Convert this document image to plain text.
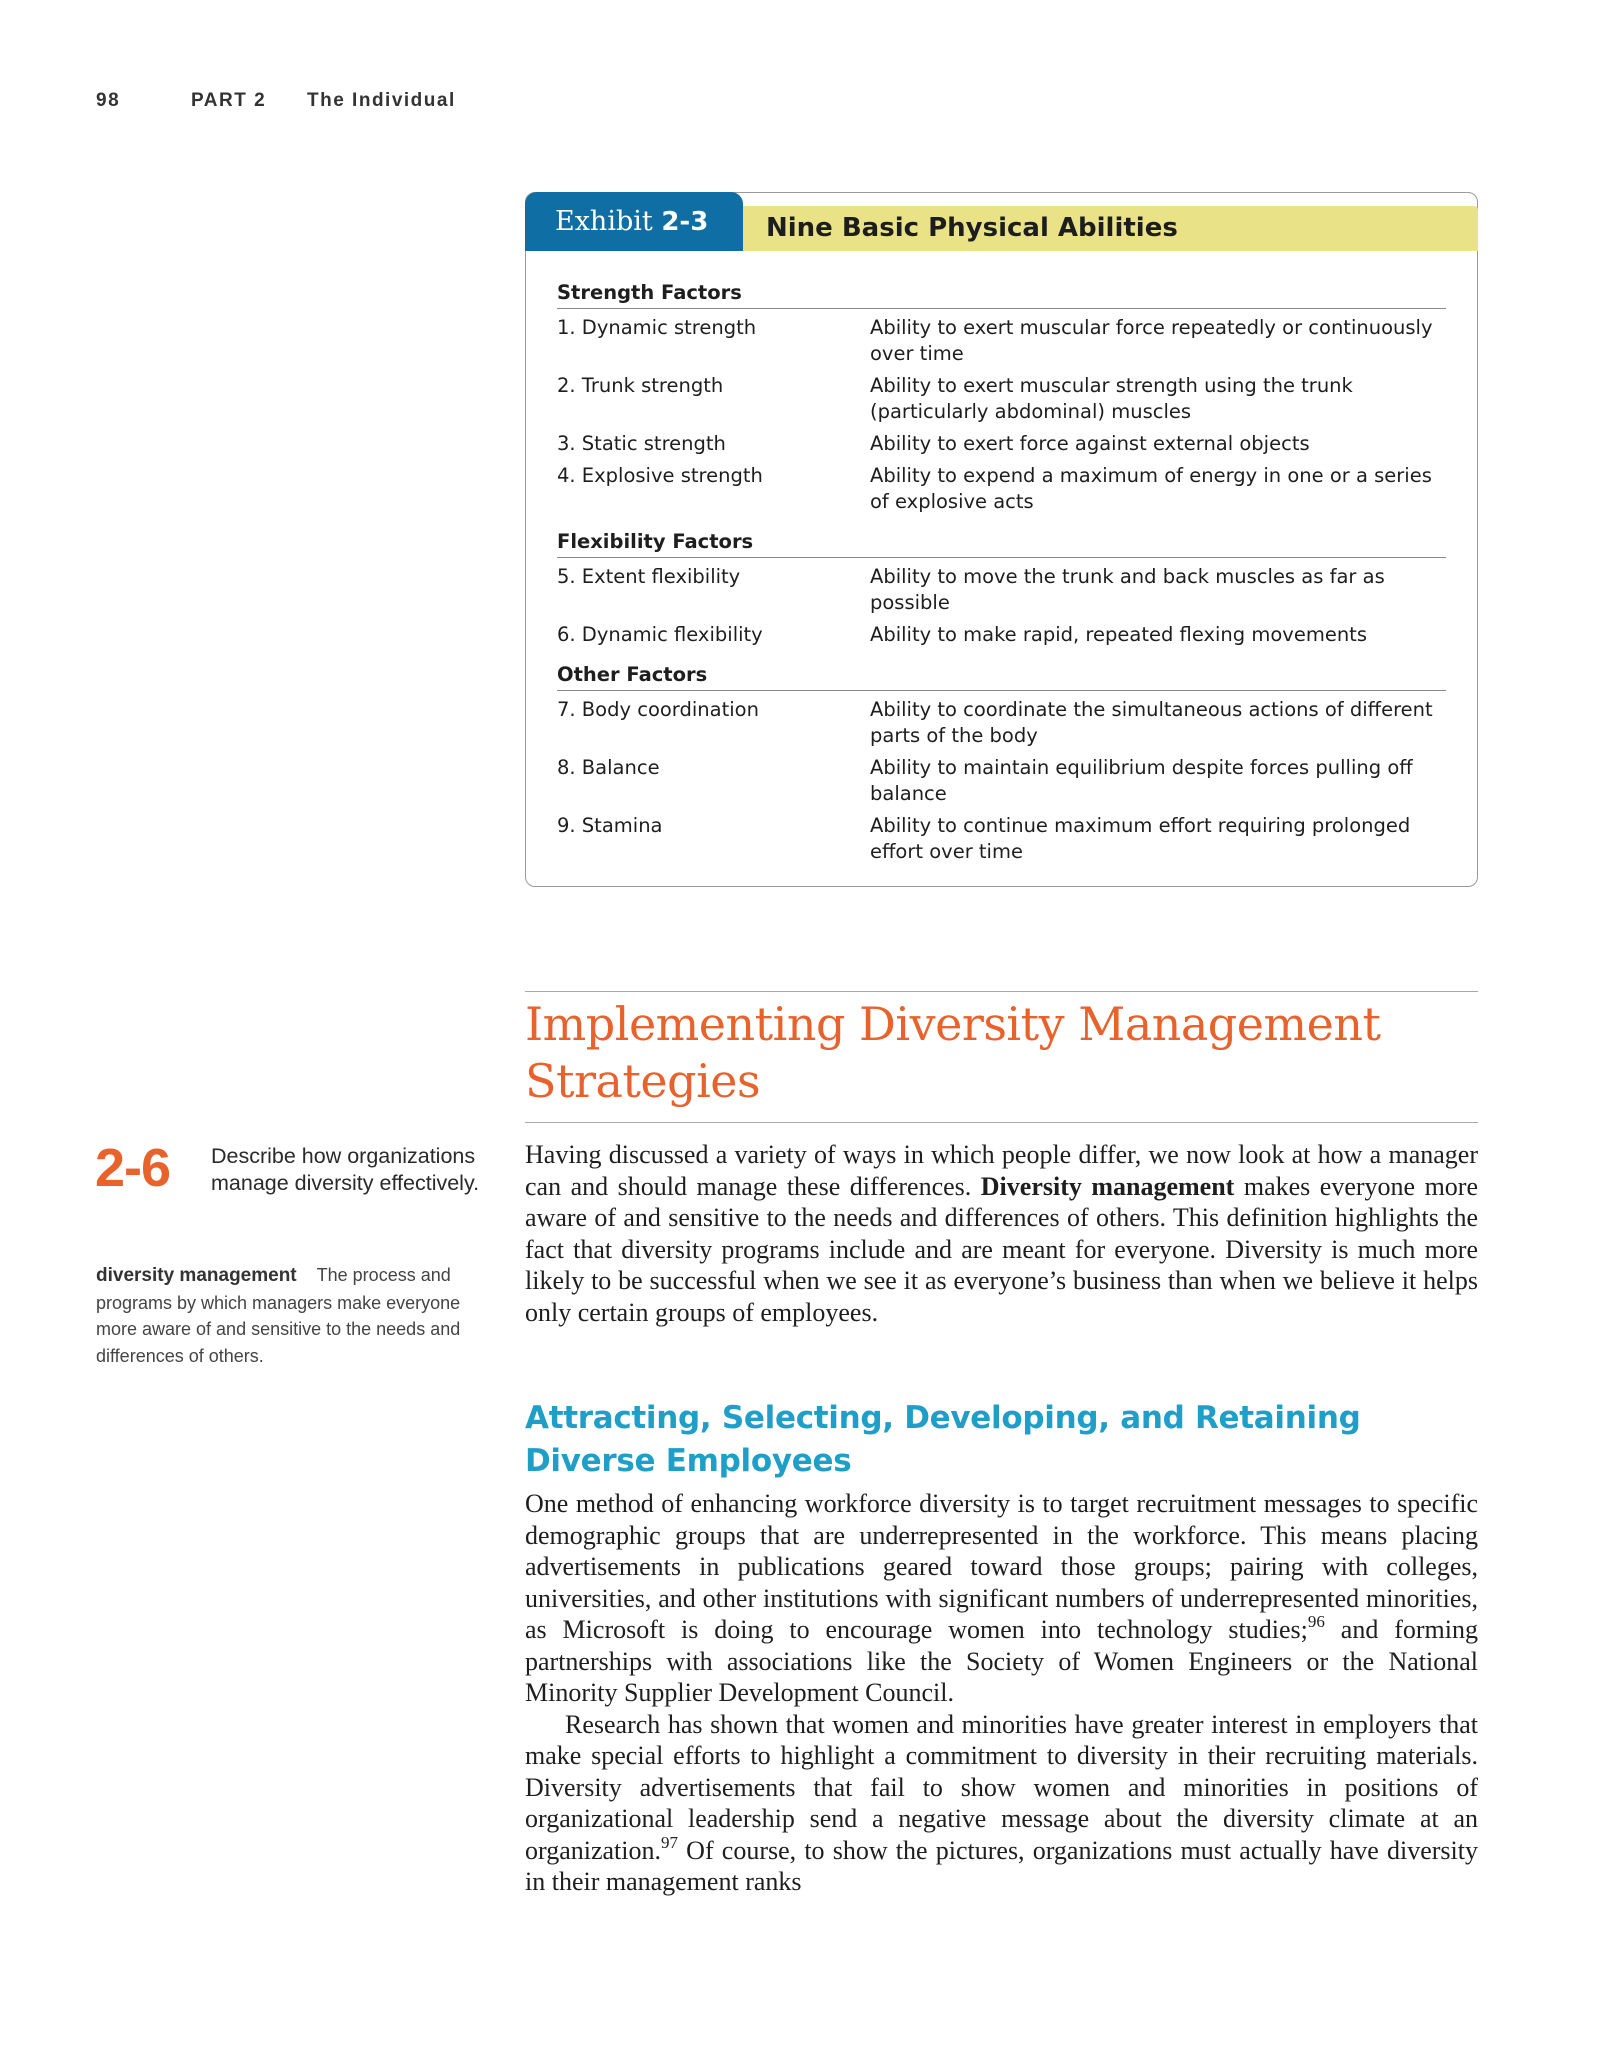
98	PART 2 The Individual
Exhibit 2-3	Nine Basic Physical Abilities
Strength Factors
1. Dynamic strength	Ability to exert muscular force repeatedly or continuously over time
2. Trunk strength	Ability to exert muscular strength using the trunk (particularly abdominal) muscles
3. Static strength	Ability to exert force against external objects
4. Explosive strength	Ability to expend a maximum of energy in one or a series of explosive acts
Flexibility Factors
5. Extent flexibility	Ability to move the trunk and back muscles as far as possible
6. Dynamic flexibility	Ability to make rapid, repeated flexing movements
Other Factors
7. Body coordination	Ability to coordinate the simultaneous actions of different parts of the body
8. Balance	Ability to maintain equilibrium despite forces pulling off balance
9. Stamina	Ability to continue maximum effort requiring prolonged effort over time
Implementing Diversity Management Strategies
2-6 Describe how organizations manage diversity effectively.
diversity management The process and programs by which managers make everyone more aware of and sensitive to the needs and differences of others.

Having discussed a variety of ways in which people differ, we now look at how a manager can and should manage these differences. Diversity management makes everyone more aware of and sensitive to the needs and differences of others. This definition highlights the fact that diversity programs include and are meant for everyone. Diversity is much more likely to be successful when we see it as everyone’s business than when we believe it helps only certain groups of employees.

Attracting, Selecting, Developing, and Retaining Diverse Employees

One method of enhancing workforce diversity is to target recruitment messages to specific demographic groups that are underrepresented in the workforce. This means placing advertisements in publications geared toward those groups; pairing with colleges, universities, and other institutions with significant numbers of underrepresented minorities, as Microsoft is doing to encourage women into technology studies;$^{96}$ and forming partnerships with associations like the Society of Women Engineers or the National Minority Supplier Development Council.

Research has shown that women and minorities have greater interest in employers that make special efforts to highlight a commitment to diversity in their recruiting materials. Diversity advertisements that fail to show women and minorities in positions of organizational leadership send a negative message about the diversity climate at an organization.$^{97}$ Of course, to show the pictures, organizations must actually have diversity in their management ranks
